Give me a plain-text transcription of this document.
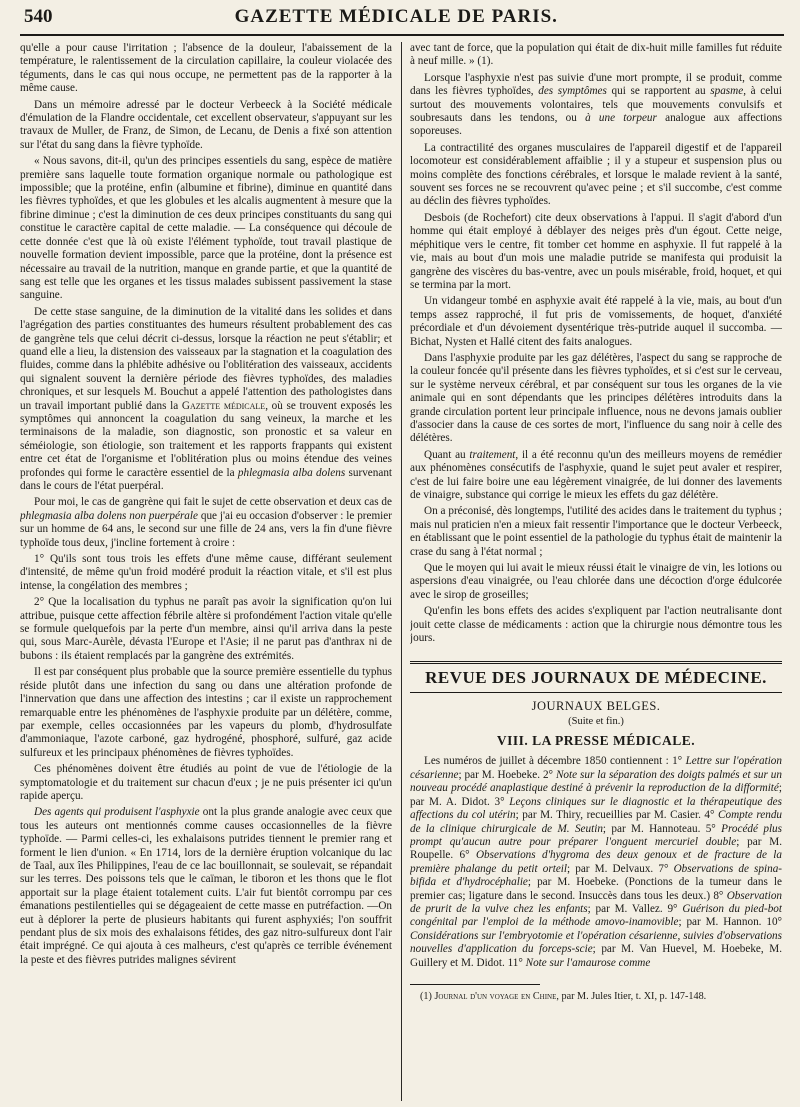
540	GAZETTE MÉDICALE DE PARIS.

qu'elle a pour cause l'irritation ; l'absence de la douleur, l'abaissement de la température, le ralentissement de la circulation capillaire, la couleur violacée des téguments, dans le cas qui nous occupe, ne permettent pas de la rapporter à la même cause.

Dans un mémoire adressé par le docteur Verbeeck à la Société médicale d'émulation de la Flandre occidentale, cet excellent observateur, s'appuyant sur les travaux de Muller, de Franz, de Simon, de Lecanu, de Denis a fixé son attention sur l'état du sang dans la fièvre typhoïde.

« Nous savons, dit-il, qu'un des principes essentiels du sang, espèce de matière première sans laquelle toute formation organique normale ou pathologique est impossible; que la protéine, enfin (albumine et fibrine), diminue en quantité dans les fièvres typhoïdes, et que les globules et les alcalis augmentent à mesure que la fibrine diminue ; c'est la diminution de ces deux principes constituants du sang qui constitue le caractère capital de cette maladie. — La conséquence qui découle de cette donnée c'est que là où existe l'élément typhoïde, tout travail plastique de nouvelle formation devient impossible, parce que la protéine, dont la présence est nécessaire au travail de la nutrition, manque en grande partie, et que la quantité de sang est telle que les organes et les tissus malades subissent passivement la stase sanguine.

De cette stase sanguine, de la diminution de la vitalité dans les solides et dans l'agrégation des parties constituantes des humeurs résultent probablement des cas de gangrène tels que celui décrit ci-dessus, lorsque la réaction ne peut s'établir; et quand elle a lieu, la distension des vaisseaux par la stagnation et la coagulation des fluides, comme dans la phlébite adhésive ou l'oblitération des vaisseaux, accidents qui signalent souvent la dernière période des fièvres typhoïdes, des maladies chroniques, et sur lesquels M. Bouchut a appelé l'attention des pathologistes dans un travail important publié dans la Gazette médicale, où se trouvent exposés les symptômes qui annoncent la coagulation du sang veineux, la marche et les terminaisons de la maladie, son diagnostic, son pronostic et sa valeur en séméiologie, son étiologie, son traitement et les rapports frappants qui existent entre cet état de l'organisme et l'oblitération plus ou moins étendue des veines profondes qui forme le caractère essentiel de la phlegmasia alba dolens survenant dans le cours de l'état puerpéral.

Pour moi, le cas de gangrène qui fait le sujet de cette observation et deux cas de phlegmasia alba dolens non puerpérale que j'ai eu occasion d'observer : le premier sur un homme de 64 ans, le second sur une fille de 24 ans, vers la fin d'une fièvre typhoïde tous deux, j'incline fortement à croire :

1° Qu'ils sont tous trois les effets d'une même cause, différant seulement d'intensité, de même qu'un froid modéré produit la réaction vitale, et s'il est plus intense, la congélation des membres ;

2° Que la localisation du typhus ne paraît pas avoir la signification qu'on lui attribue, puisque cette affection fébrile altère si profondément l'action vitale qu'elle se formule quelquefois par la perte d'un membre, ainsi qu'il arriva dans la peste qui, sous Marc-Aurèle, dévasta l'Europe et l'Asie; il ne parut pas d'anthrax ni de bubons : ils étaient remplacés par la gangrène des extrémités.

Il est par conséquent plus probable que la source première essentielle du typhus réside plutôt dans une infection du sang ou dans une altération profonde de l'innervation que dans une affection des intestins ; car il existe un rapprochement remarquable entre les phénomènes de l'asphyxie produite par un délétère, comme, par exemple, celles occasionnées par les vapeurs du plomb, d'hydrosulfate d'ammoniaque, l'azote carboné, gaz hydrogéné, phosphoré, sulfuré, gaz acide sulfureux et les principaux phénomènes de fièvres typhoïdes.

Ces phénomènes doivent être étudiés au point de vue de l'étiologie de la symptomatologie et du traitement sur chacun d'eux ; je ne puis présenter ici qu'un rapide aperçu.

Des agents qui produisent l'asphyxie ont la plus grande analogie avec ceux que tous les auteurs ont mentionnés comme causes occasionnelles de la fièvre typhoïde. — Parmi celles-ci, les exhalaisons putrides tiennent le premier rang et forment le lien d'union. « En 1714, lors de la dernière éruption volcanique du lac de Taal, aux îles Philippines, l'eau de ce lac bouillonnait, se soulevait, se répandait sur les terres. Des poissons tels que le caïman, le tiboron et les thons que le flot apportait sur la plage étaient totalement cuits. L'air fut bientôt corrompu par ces émanations pestilentielles qui se dégageaient de cette masse en putréfaction. —On eut à déplorer la perte de plusieurs habitants qui furent asphyxiés; l'on souffrit pendant plus de six mois des exhalaisons fétides, des gaz nitro-sulfureux dont l'air était imprégné. Ce qui ajouta à ces malheurs, c'est qu'après ce terrible événement la peste et des fièvres putrides malignes sévirent

avec tant de force, que la population qui était de dix-huit mille familles fut réduite à neuf mille. » (1).

Lorsque l'asphyxie n'est pas suivie d'une mort prompte, il se produit, comme dans les fièvres typhoïdes, des symptômes qui se rapportent au spasme, à celui surtout des mouvements volontaires, tels que mouvements convulsifs et soubresauts dans les tendons, ou à une torpeur analogue aux affections soporeuses.

La contractilité des organes musculaires de l'appareil digestif et de l'appareil locomoteur est considérablement affaiblie ; il y a stupeur et suspension plus ou moins complète des fonctions cérébrales, et lorsque le malade revient à la santé, souvent ses forces ne se recouvrent qu'avec peine ; et s'il succombe, c'est comme au déclin des fièvres typhoïdes.

Desbois (de Rochefort) cite deux observations à l'appui. Il s'agit d'abord d'un homme qui était employé à déblayer des neiges près d'un égout. Cette neige, méphitique vers le centre, fit tomber cet homme en asphyxie. Il fut rappelé à la vie, mais au bout d'un mois une maladie putride se manifesta qui produisit la gangrène des viscères du bas-ventre, avec un pouls misérable, froid, hoquet, et qui se termina par la mort.

Un vidangeur tombé en asphyxie avait été rappelé à la vie, mais, au bout d'un temps assez rapproché, il fut pris de vomissements, de hoquet, d'anxiété précordiale et d'un dévoiement dysentérique très-putride auquel il succomba. — Bichat, Nysten et Hallé citent des faits analogues.

Dans l'asphyxie produite par les gaz délétères, l'aspect du sang se rapproche de la couleur foncée qu'il présente dans les fièvres typhoïdes, et si c'est sur le cerveau, sur le système nerveux cérébral, et par conséquent sur tous les organes de la vie animale qui en sont dépendants que les principes délétères introduits dans la grande circulation portent leur principale influence, nous ne devons jamais oublier d'associer dans la cause de ces sortes de mort, l'influence du sang noir à celle des délétères.

Quant au traitement, il a été reconnu qu'un des meilleurs moyens de remédier aux phénomènes consécutifs de l'asphyxie, quand le sujet peut avaler et respirer, c'est de lui faire boire une eau légèrement vinaigrée, de lui donner des lavements de vinaigre, substance qui corrige le mieux les effets du gaz délétère.

On a préconisé, dès longtemps, l'utilité des acides dans le traitement du typhus ; mais nul praticien n'en a mieux fait ressentir l'importance que le docteur Verbeeck, en établissant que le point essentiel de la pathologie du typhus était de maintenir la crase du sang à l'état normal ;

Que le moyen qui lui avait le mieux réussi était le vinaigre de vin, les lotions ou aspersions d'eau vinaigrée, ou l'eau chlorée dans une décoction d'orge édulcorée avec le sirop de groseilles;

Qu'enfin les bons effets des acides s'expliquent par l'action neutralisante dont jouit cette classe de médicaments : action que la chirurgie nous démontre tous les jours.

REVUE DES JOURNAUX DE MÉDECINE.
JOURNAUX BELGES.
(Suite et fin.)
VIII. LA PRESSE MÉDICALE.

Les numéros de juillet à décembre 1850 contiennent : 1° Lettre sur l'opération césarienne; par M. Hoebeke. 2° Note sur la séparation des doigts palmés et sur un nouveau procédé anaplastique destiné à prévenir la reproduction de la difformité; par M. A. Didot. 3° Leçons cliniques sur le diagnostic et la thérapeutique des affections du col utérin; par M. Thiry, recueillies par M. Casier. 4° Compte rendu de la clinique chirurgicale de M. Seutin; par M. Hannoteau. 5° Procédé plus prompt qu'aucun autre pour préparer l'onguent mercuriel double; par M. Roupelle. 6° Observations d'hygroma des deux genoux et de fracture de la première phalange du petit orteil; par M. Delvaux. 7° Observations de spina-bifida et d'hydrocéphalie; par M. Hoebeke. (Ponctions de la tumeur dans le premier cas; ligature dans le second. Insuccès dans tous les deux.) 8° Observation de prurit de la vulve chez les enfants; par M. Vallez. 9° Guérison du pied-bot congénital par l'emploi de la méthode amovo-inamovible; par M. Hannon. 10° Considérations sur l'embryotomie et l'opération césarienne, suivies d'observations nouvelles d'application du forceps-scie; par M. Van Huevel, M. Hoebeke, M. Guillery et M. Didot. 11° Note sur l'amaurose comme

(1) Journal d'un voyage en Chine, par M. Jules Itier, t. XI, p. 147-148.
